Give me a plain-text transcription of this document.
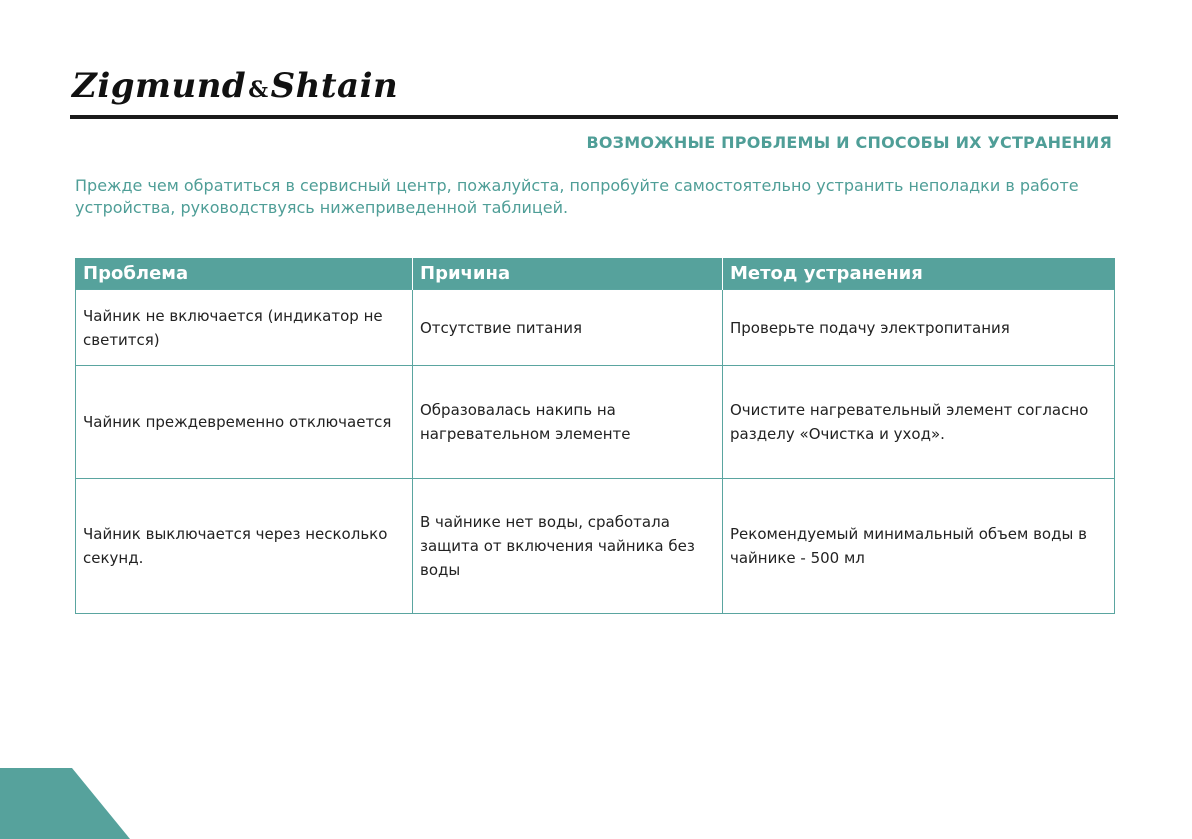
Zigmund & Shtain
ВОЗМОЖНЫЕ ПРОБЛЕМЫ И СПОСОБЫ ИХ УСТРАНЕНИЯ

Прежде чем обратиться в сервисный центр, пожалуйста, попробуйте самостоятельно устранить неполадки в работе устройства, руководствуясь нижеприведенной таблицей.

Проблема	Причина	Метод устранения
Чайник не включается (индикатор не светится)	Отсутствие питания	Проверьте подачу электропитания
Чайник преждевременно отключается	Образовалась накипь на нагревательном элементе	Очистите нагревательный элемент согласно разделу «Очистка и уход».
Чайник выключается через несколько секунд.	В чайнике нет воды, сработала защита от включения чайника без воды	Рекомендуемый минимальный объем воды в чайнике - 500 мл
